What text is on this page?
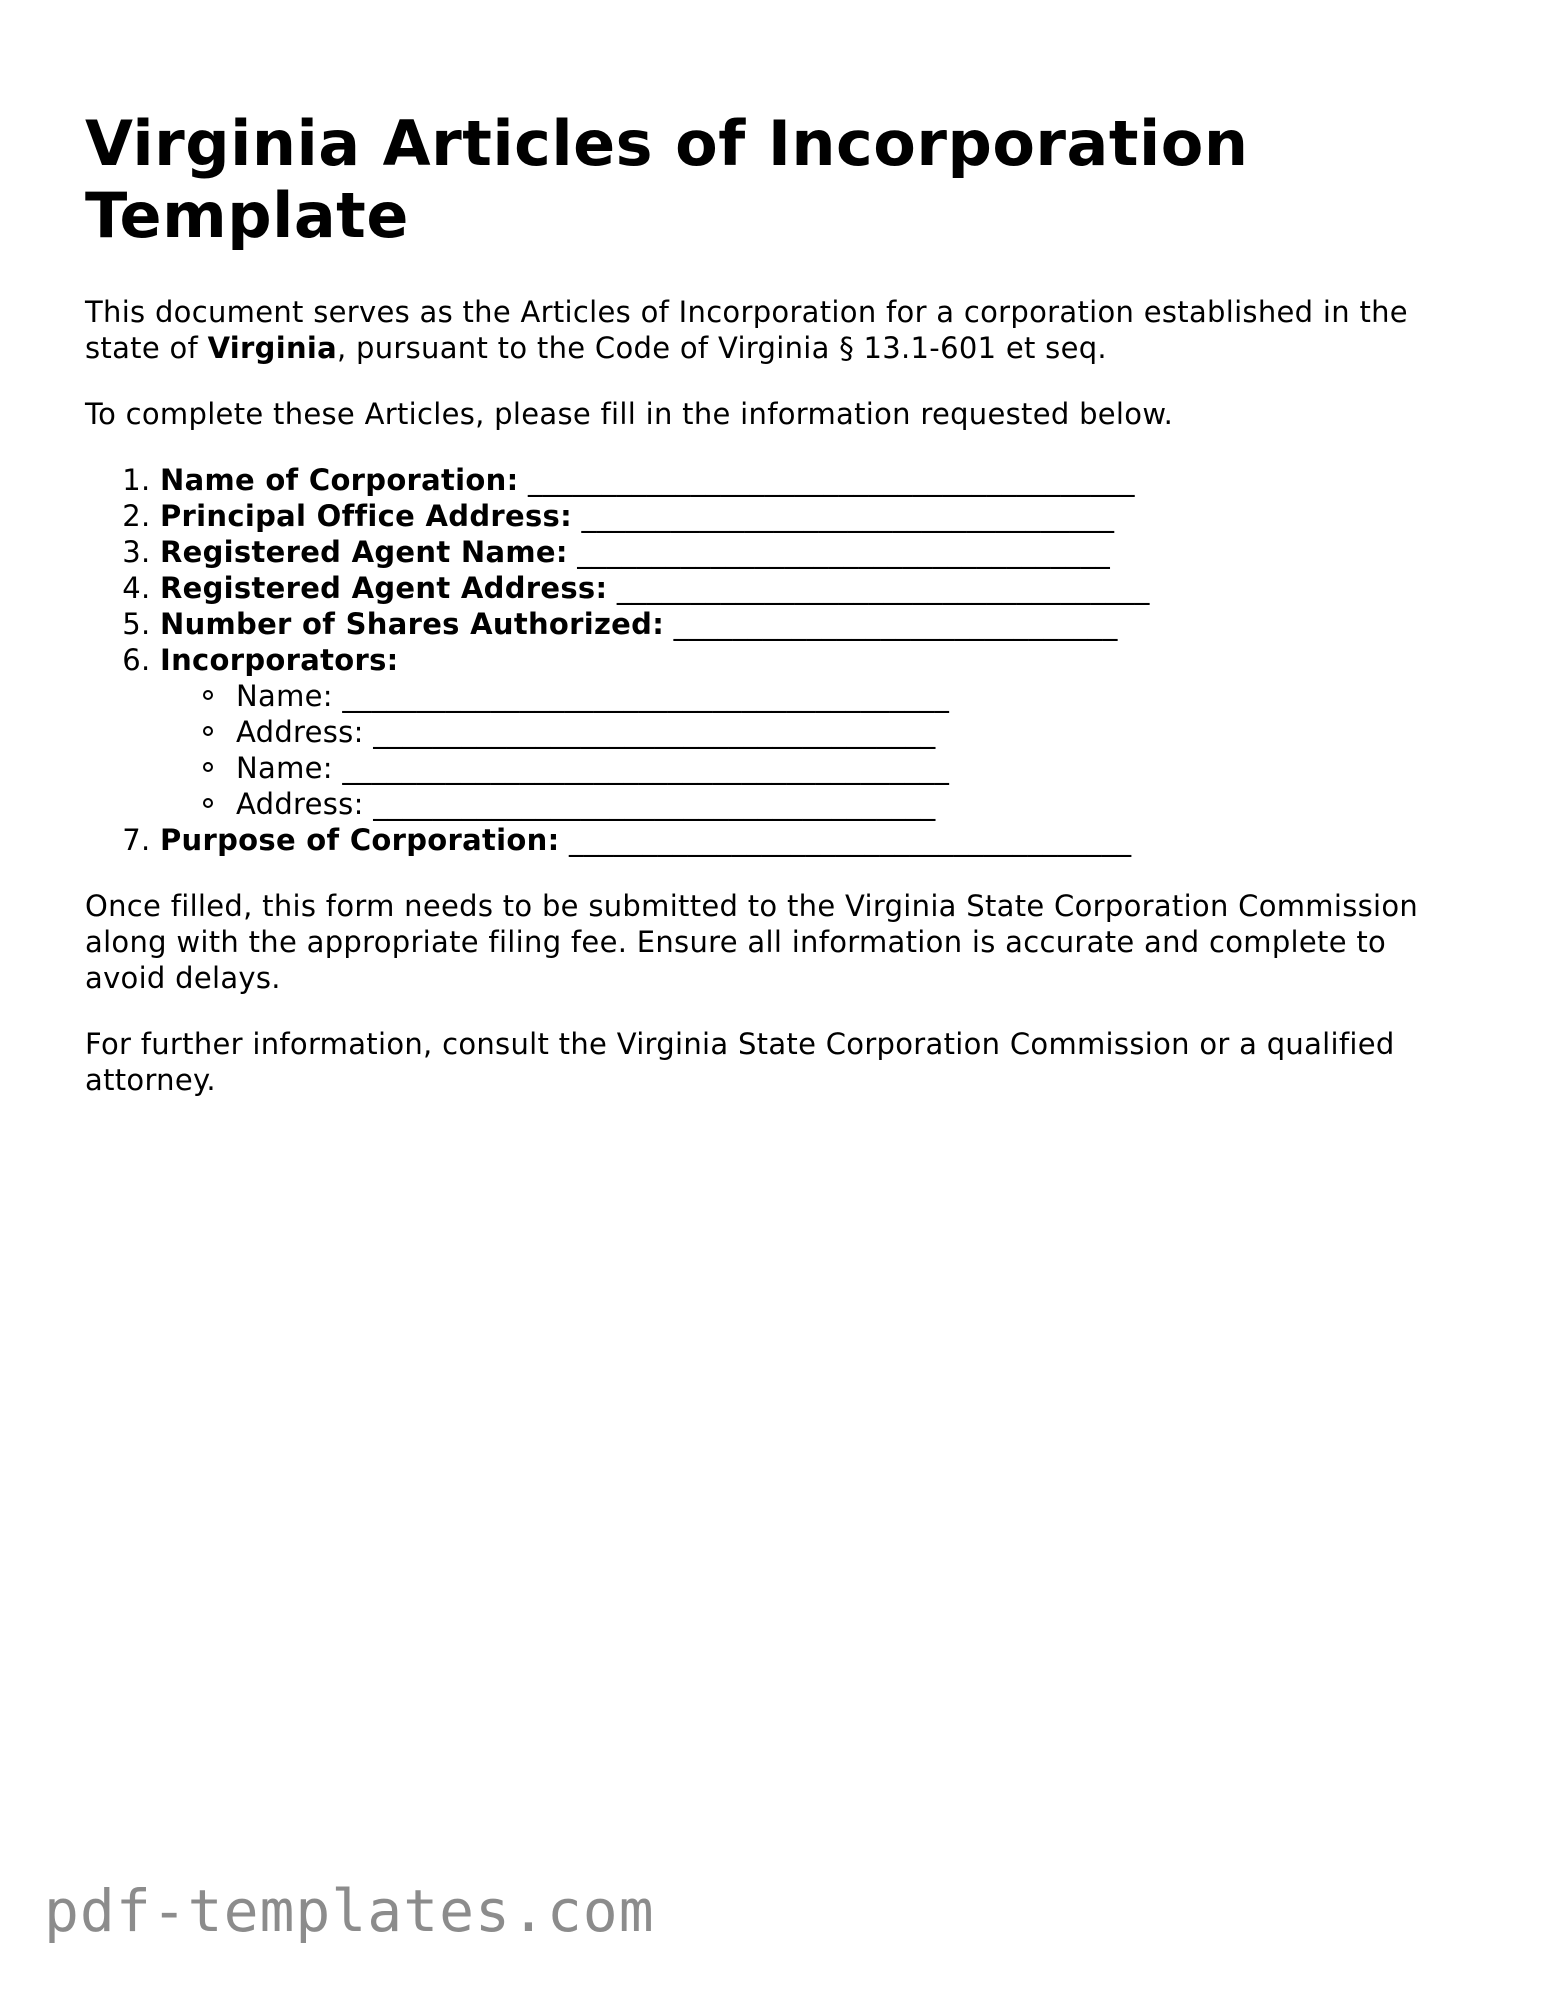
Virginia Articles of Incorporation Template

This document serves as the Articles of Incorporation for a corporation established in the state of Virginia, pursuant to the Code of Virginia § 13.1-601 et seq.

To complete these Articles, please fill in the information requested below.

1. Name of Corporation: _________________________________________
2. Principal Office Address: ____________________________________
3. Registered Agent Name: ____________________________________
4. Registered Agent Address: ____________________________________
5. Number of Shares Authorized: ______________________________
6. Incorporators:
Name: _________________________________________
Address: ______________________________________
Name: _________________________________________
Address: ______________________________________
7. Purpose of Corporation: ______________________________________

Once filled, this form needs to be submitted to the Virginia State Corporation Commission along with the appropriate filing fee. Ensure all information is accurate and complete to avoid delays.

For further information, consult the Virginia State Corporation Commission or a qualified attorney.

pdf-templates.com
